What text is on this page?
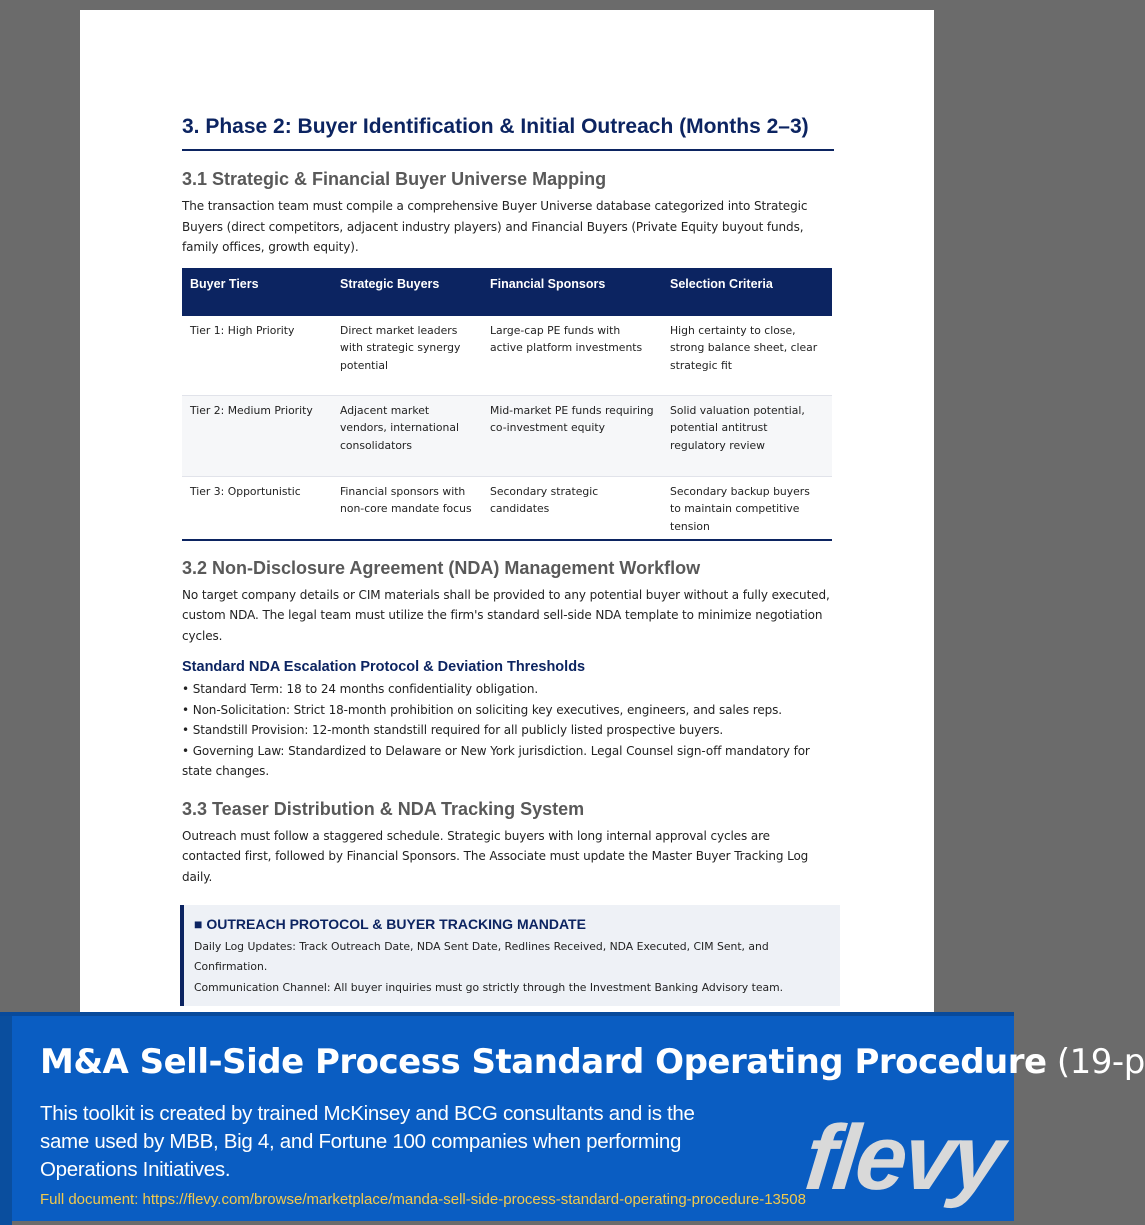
3. Phase 2: Buyer Identification & Initial Outreach (Months 2–3)
3.1 Strategic & Financial Buyer Universe Mapping

The transaction team must compile a comprehensive Buyer Universe database categorized into Strategic Buyers (direct competitors, adjacent industry players) and Financial Buyers (Private Equity buyout funds, family offices, growth equity).

Buyer Tiers	Strategic Buyers	Financial Sponsors	Selection Criteria
Tier 1: High Priority	Direct market leaders with strategic synergy potential	Large-cap PE funds with active platform investments	High certainty to close, strong balance sheet, clear strategic fit
Tier 2: Medium Priority	Adjacent market vendors, international consolidators	Mid-market PE funds requiring co-investment equity	Solid valuation potential, potential antitrust regulatory review
Tier 3: Opportunistic	Financial sponsors with non-core mandate focus	Secondary strategic candidates	Secondary backup buyers to maintain competitive tension
3.2 Non-Disclosure Agreement (NDA) Management Workflow

No target company details or CIM materials shall be provided to any potential buyer without a fully executed, custom NDA. The legal team must utilize the firm's standard sell-side NDA template to minimize negotiation cycles.

Standard NDA Escalation Protocol & Deviation Thresholds
• Standard Term: 18 to 24 months confidentiality obligation.
• Non-Solicitation: Strict 18-month prohibition on soliciting key executives, engineers, and sales reps.
• Standstill Provision: 12-month standstill required for all publicly listed prospective buyers.
• Governing Law: Standardized to Delaware or New York jurisdiction. Legal Counsel sign-off mandatory for state changes.
3.3 Teaser Distribution & NDA Tracking System

Outreach must follow a staggered schedule. Strategic buyers with long internal approval cycles are contacted first, followed by Financial Sponsors. The Associate must update the Master Buyer Tracking Log daily.

■ OUTREACH PROTOCOL & BUYER TRACKING MANDATE
Daily Log Updates: Track Outreach Date, NDA Sent Date, Redlines Received, NDA Executed, CIM Sent, and Confirmation.
Communication Channel: All buyer inquiries must go strictly through the Investment Banking Advisory team.
M&A Sell-Side Process Standard Operating Procedure (19-p
This toolkit is created by trained McKinsey and BCG consultants and is the same used by MBB, Big 4, and Fortune 100 companies when performing Operations Initiatives.
Full document: https://flevy.com/browse/marketplace/manda-sell-side-process-standard-operating-procedure-13508
flevy
